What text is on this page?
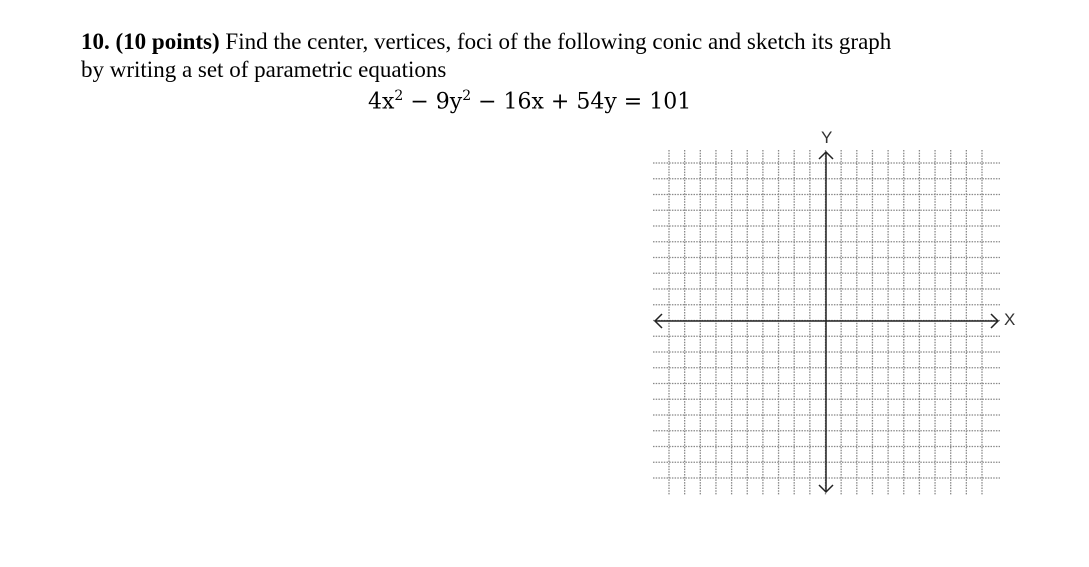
10. (10 points) Find the center, vertices, foci of the following conic and sketch its graph
by writing a set of parametric equations
$4x^2 - 9y^2 - 16x + 54y = 101$
X
Y
